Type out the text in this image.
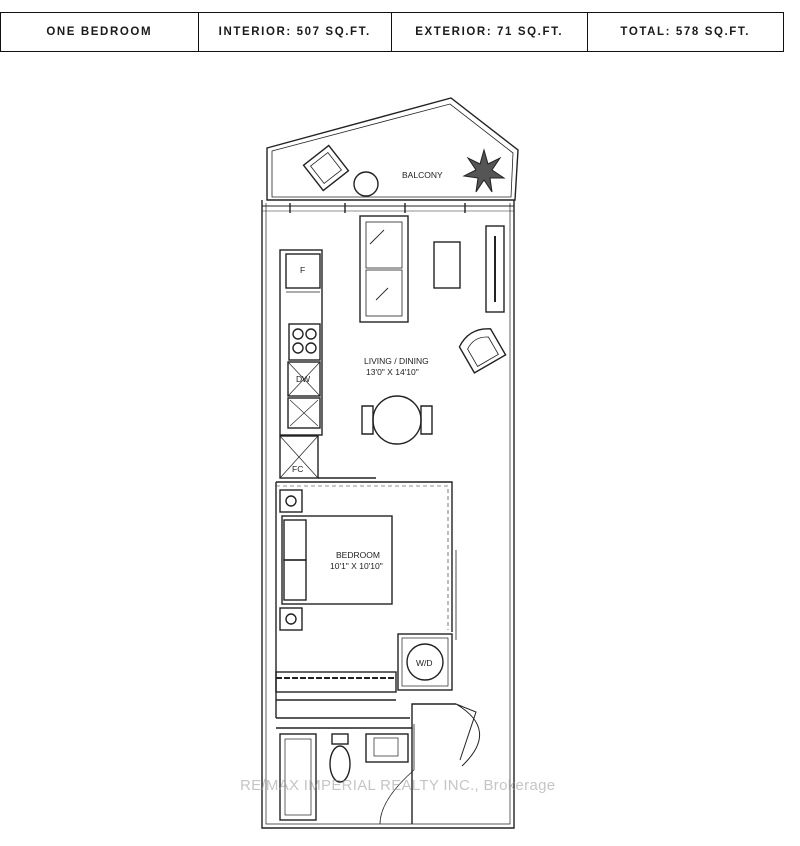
ONE BEDROOM	INTERIOR: 507 SQ.FT.	EXTERIOR: 71 SQ.FT.	TOTAL: 578 SQ.FT.
BALCONY
LIVING / DINING
13'0" X 14'10"
BEDROOM
10'1" X 10'10"
F
DW
FC
W/D
RE/MAX IMPERIAL REALTY INC., Brokerage
